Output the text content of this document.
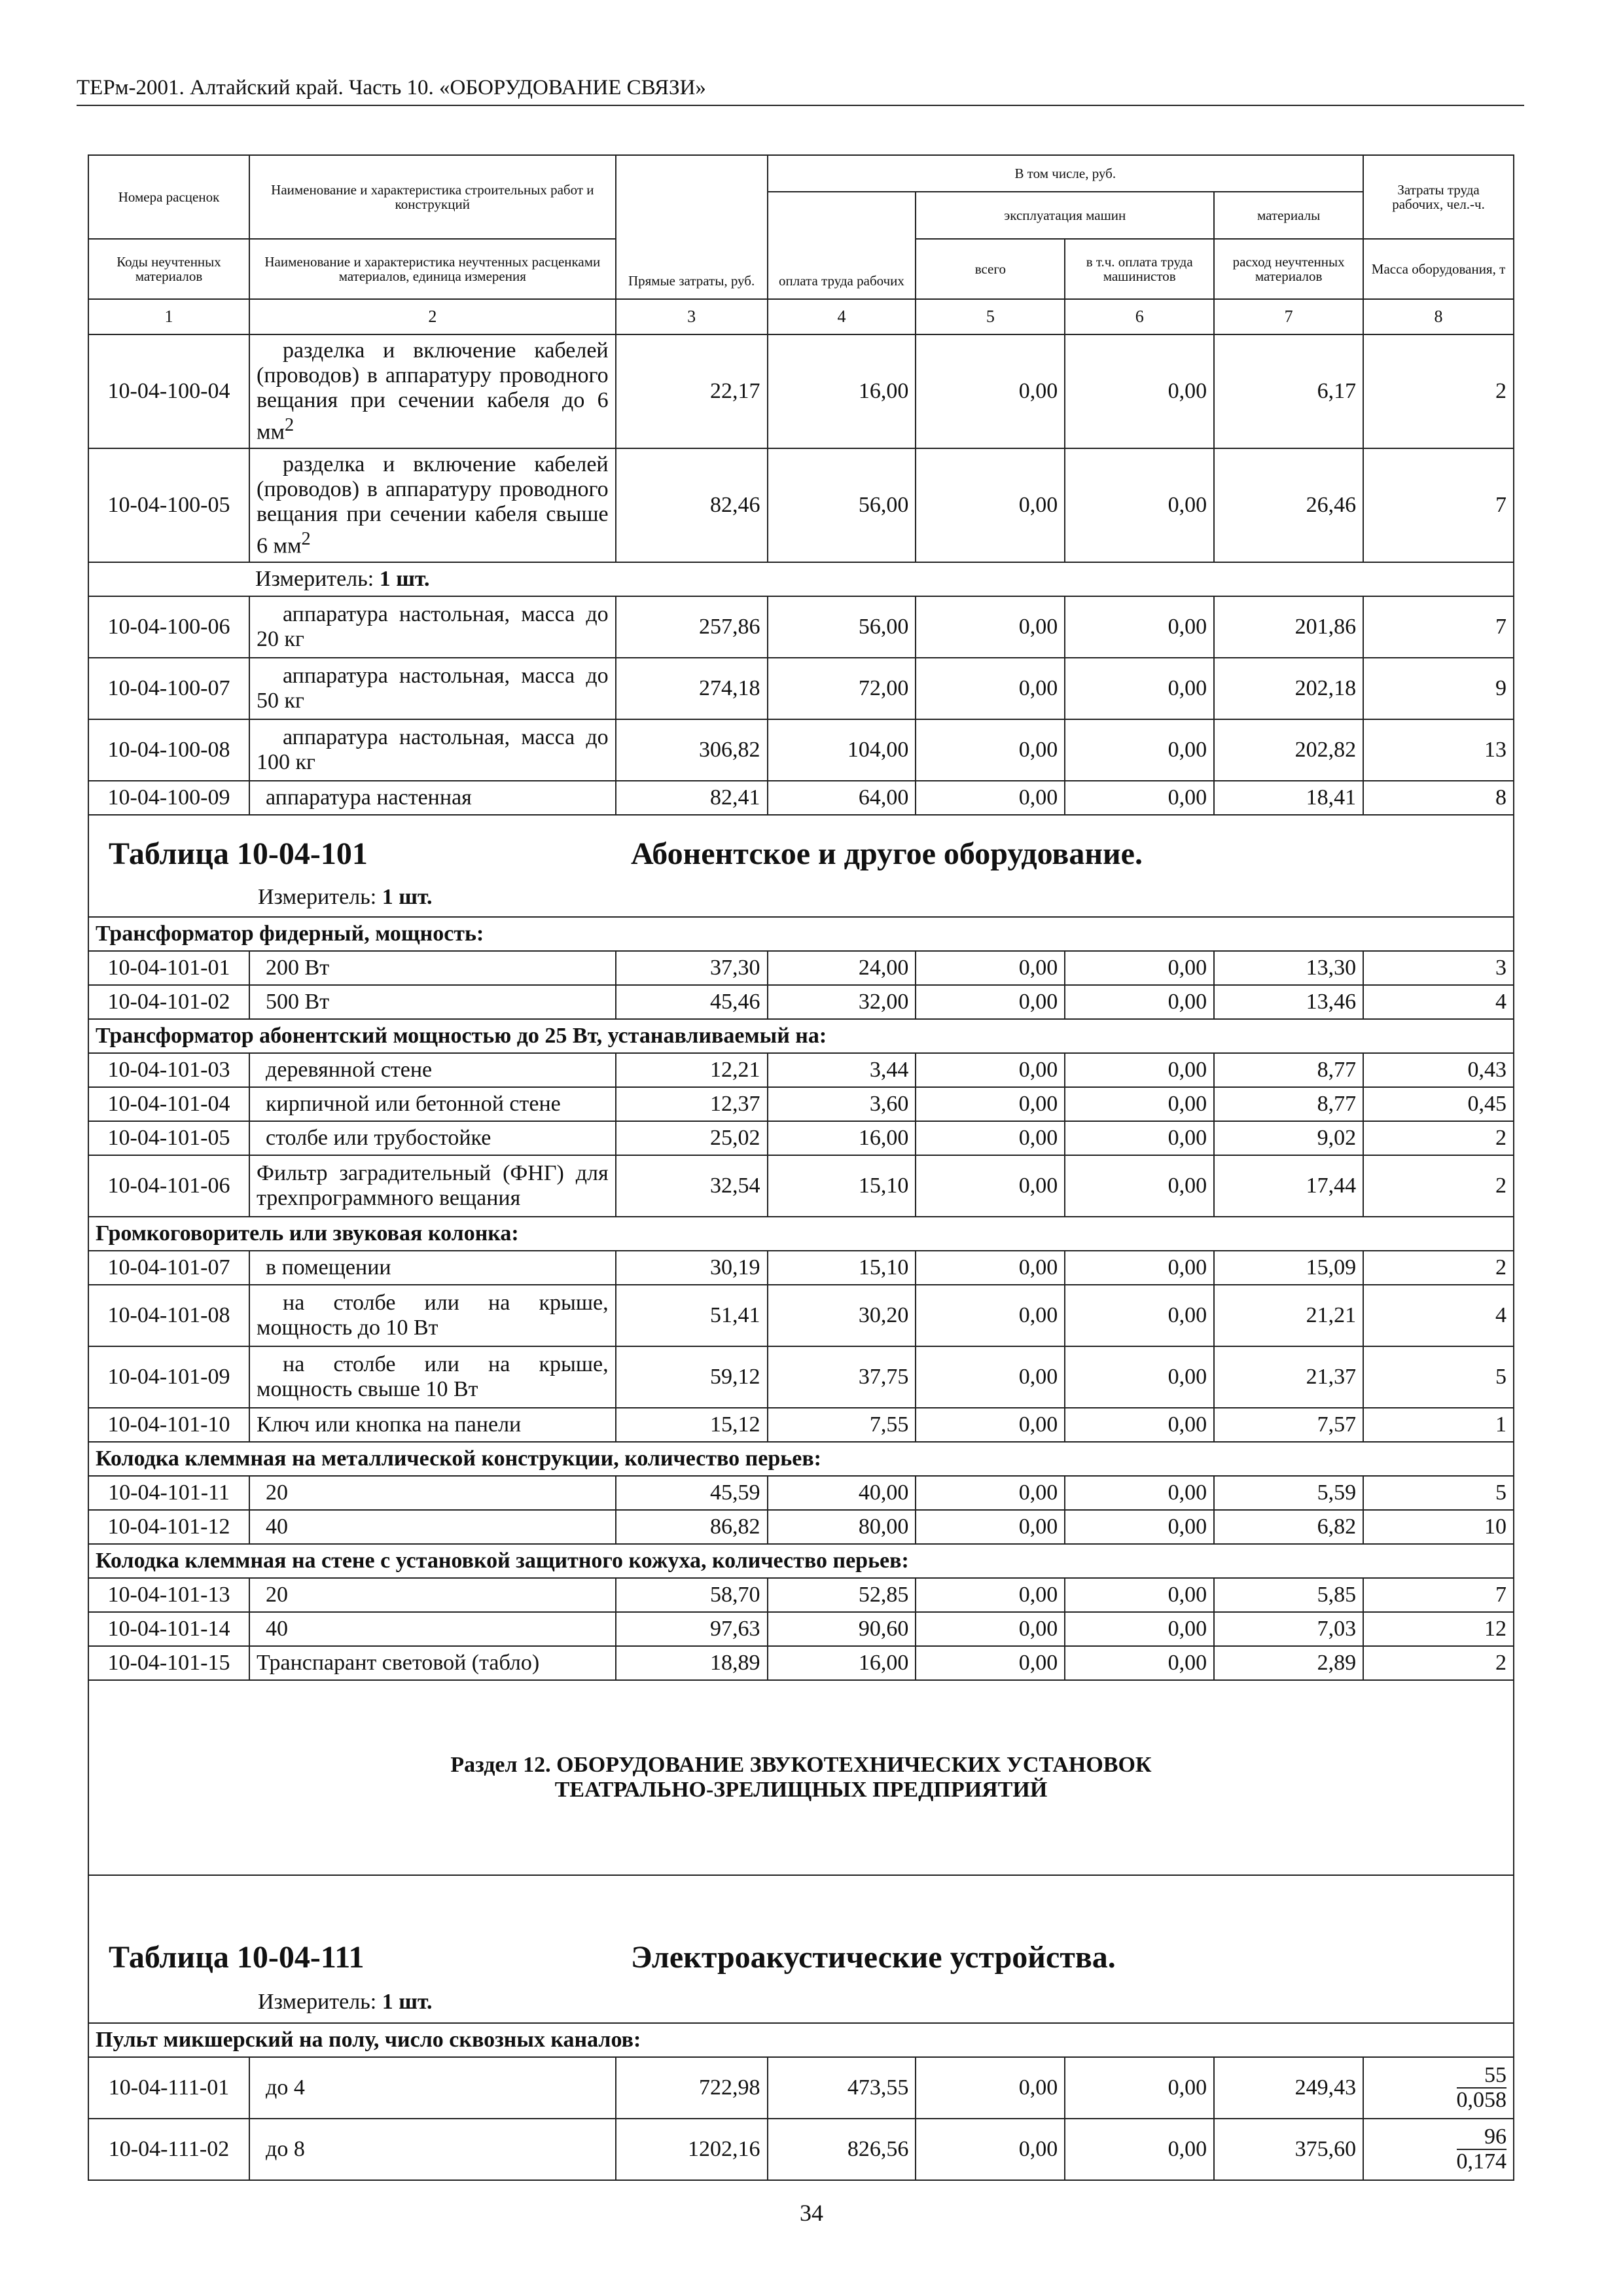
ТЕРм-2001. Алтайский край. Часть 10. «ОБОРУДОВАНИЕ СВЯЗИ»
Номера расценок	Наименование и характеристика строительных работ и конструкций	Прямые затраты, руб.	В том числе, руб.				Затраты труда рабочих, чел.-ч.
			оплата труда рабочих	эксплуатация машин		материалы	
Коды неучтенных материалов	Наименование и характеристика неучтенных расценками материалов, единица измерения			всего	в т.ч. оплата труда машинистов	расход неучтенных материалов	Масса оборудования, т
1	2	3	4	5	6	7	8
10-04-100-04	разделка и включение кабелей (проводов) в аппаратуру проводного вещания при сечении кабеля до 6 $мм^2$	22,17	16,00	0,00	0,00	6,17	2
10-04-100-05	разделка и включение кабелей (проводов) в аппаратуру проводного вещания при сечении кабеля свыше 6 $мм^2$	82,46	56,00	0,00	0,00	26,46	7
Измеритель: 1 шт.							
10-04-100-06	аппаратура настольная, масса до 20 кг	257,86	56,00	0,00	0,00	201,86	7
10-04-100-07	аппаратура настольная, масса до 50 кг	274,18	72,00	0,00	0,00	202,18	9
10-04-100-08	аппаратура настольная, масса до 100 кг	306,82	104,00	0,00	0,00	202,82	13
10-04-100-09	аппаратура настенная	82,41	64,00	0,00	0,00	18,41	8

Таблица 10-04-101 Абонентское и другое оборудование.
Измеритель: 1 шт.							

Трансформатор фидерный, мощность:							
10-04-101-01	200 Вт	37,30	24,00	0,00	0,00	13,30	3
10-04-101-02	500 Вт	45,46	32,00	0,00	0,00	13,46	4
Трансформатор абонентский мощностью до 25 Вт, устанавливаемый на:							
10-04-101-03	деревянной стене	12,21	3,44	0,00	0,00	8,77	0,43
10-04-101-04	кирпичной или бетонной стене	12,37	3,60	0,00	0,00	8,77	0,45
10-04-101-05	столбе или трубостойке	25,02	16,00	0,00	0,00	9,02	2
10-04-101-06	Фильтр заградительный (ФНГ) для трехпрограммного вещания	32,54	15,10	0,00	0,00	17,44	2
Громкоговоритель или звуковая колонка:							
10-04-101-07	в помещении	30,19	15,10	0,00	0,00	15,09	2
10-04-101-08	на столбе или на крыше, мощность до 10 Вт	51,41	30,20	0,00	0,00	21,21	4
10-04-101-09	на столбе или на крыше, мощность свыше 10 Вт	59,12	37,75	0,00	0,00	21,37	5
10-04-101-10	Ключ или кнопка на панели	15,12	7,55	0,00	0,00	7,57	1
Колодка клеммная на металлической конструкции, количество перьев:							
10-04-101-11	20	45,59	40,00	0,00	0,00	5,59	5
10-04-101-12	40	86,82	80,00	0,00	0,00	6,82	10
Колодка клеммная на стене с установкой защитного кожуха, количество перьев:							
10-04-101-13	20	58,70	52,85	0,00	0,00	5,85	7
10-04-101-14	40	97,63	90,60	0,00	0,00	7,03	12
10-04-101-15	Транспарант световой (табло)	18,89	16,00	0,00	0,00	2,89	2

Раздел 12. ОБОРУДОВАНИЕ ЗВУКОТЕХНИЧЕСКИХ УСТАНОВОК
ТЕАТРАЛЬНО-ЗРЕЛИЩНЫХ ПРЕДПРИЯТИЙ							

Таблица 10-04-111 Электроакустические устройства.
Измеритель: 1 шт.							

Пульт микшерский на полу, число сквозных каналов:							
10-04-111-01	до 4	722,98	473,55	0,00	0,00	249,43	$\frac{55}{0,058}$
10-04-111-02	до 8	1202,16	826,56	0,00	0,00	375,60	$\frac{96}{0,174}$
34
